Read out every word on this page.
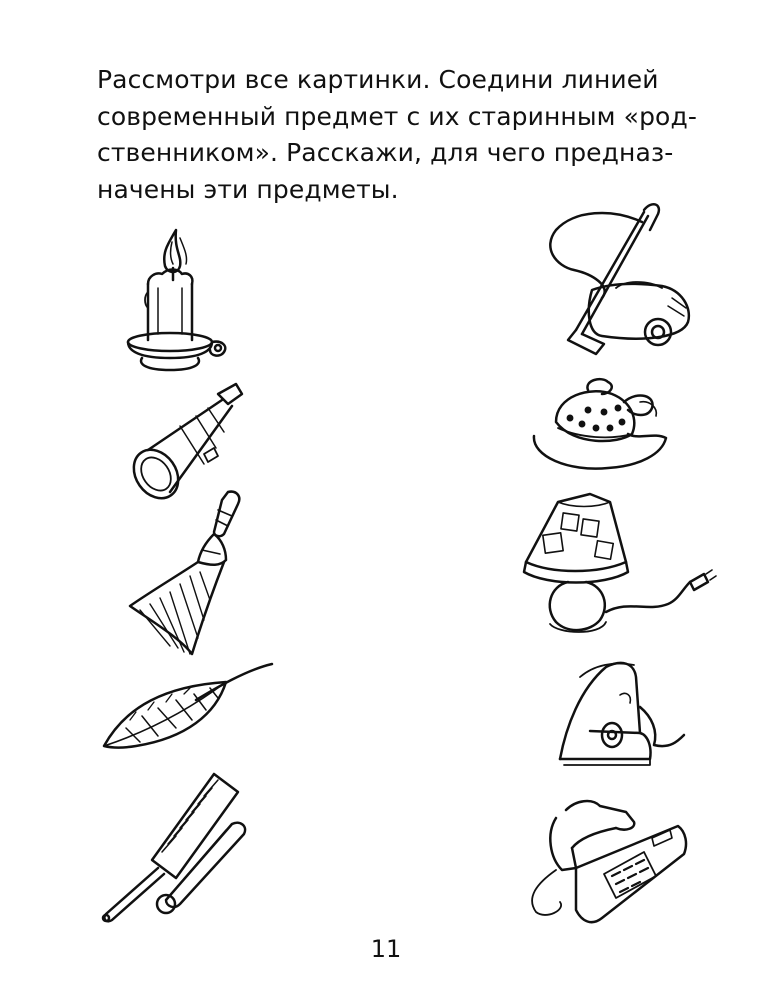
Рассмотри все картинки. Соедини линией
современный предмет с их старинным «род-
ственником». Расскажи, для чего предназ-
начены эти предметы.
11
